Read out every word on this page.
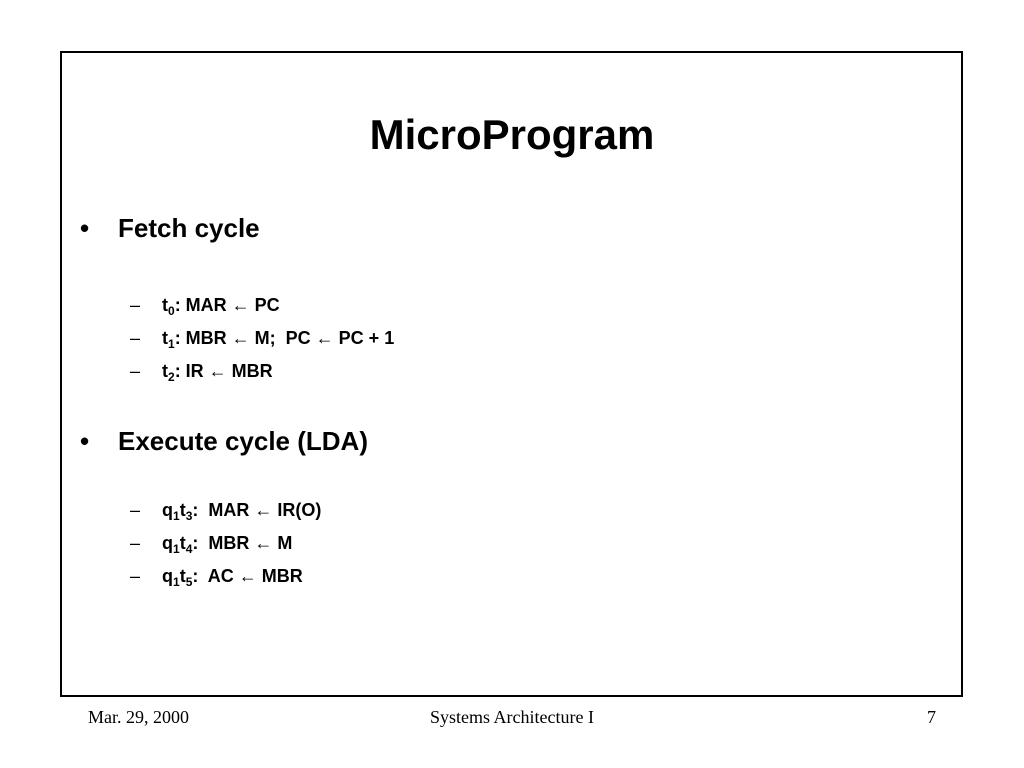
MicroProgram
• Fetch cycle
– $t_0$: MAR ← PC
– $t_1$: MBR ← M;  PC ← PC + 1
– $t_2$: IR ← MBR
• Execute cycle (LDA)
– $q_1t_3$:  MAR ← IR(O)
– $q_1t_4$:  MBR ← M
– $q_1t_5$:  AC ← MBR
Mar. 29, 2000	Systems Architecture I	7
